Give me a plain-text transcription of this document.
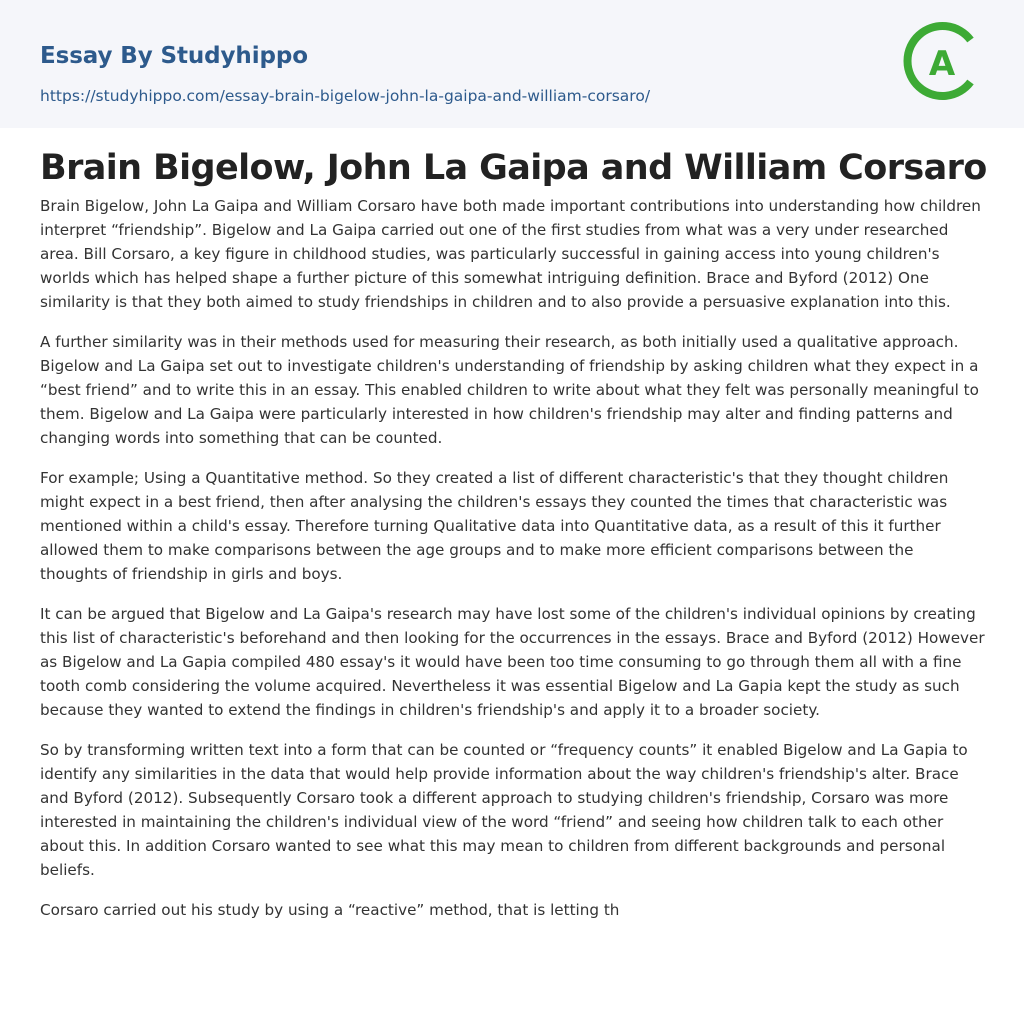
Essay By Studyhippo
https://studyhippo.com/essay-brain-bigelow-john-la-gaipa-and-william-corsaro/
A
Brain Bigelow, John La Gaipa and William Corsaro

Brain Bigelow, John La Gaipa and William Corsaro have both made important contributions into understanding how children interpret “friendship”. Bigelow and La Gaipa carried out one of the first studies from what was a very under researched area. Bill Corsaro, a key figure in childhood studies, was particularly successful in gaining access into young children's worlds which has helped shape a further picture of this somewhat intriguing definition. Brace and Byford (2012) One similarity is that they both aimed to study friendships in children and to also provide a persuasive explanation into this.

A further similarity was in their methods used for measuring their research, as both initially used a qualitative approach. Bigelow and La Gaipa set out to investigate children's understanding of friendship by asking children what they expect in a “best friend” and to write this in an essay. This enabled children to write about what they felt was personally meaningful to them. Bigelow and La Gaipa were particularly interested in how children's friendship may alter and finding patterns and changing words into something that can be counted.

For example; Using a Quantitative method. So they created a list of different characteristic's that they thought children might expect in a best friend, then after analysing the children's essays they counted the times that characteristic was mentioned within a child's essay. Therefore turning Qualitative data into Quantitative data, as a result of this it further allowed them to make comparisons between the age groups and to make more efficient comparisons between the thoughts of friendship in girls and boys.

It can be argued that Bigelow and La Gaipa's research may have lost some of the children's individual opinions by creating this list of characteristic's beforehand and then looking for the occurrences in the essays. Brace and Byford (2012) However as Bigelow and La Gapia compiled 480 essay's it would have been too time consuming to go through them all with a fine tooth comb considering the volume acquired. Nevertheless it was essential Bigelow and La Gapia kept the study as such because they wanted to extend the findings in children's friendship's and apply it to a broader society.

So by transforming written text into a form that can be counted or “frequency counts” it enabled Bigelow and La Gapia to identify any similarities in the data that would help provide information about the way children's friendship's alter. Brace and Byford (2012). Subsequently Corsaro took a different approach to studying children's friendship, Corsaro was more interested in maintaining the children's individual view of the word “friend” and seeing how children talk to each other about this. In addition Corsaro wanted to see what this may mean to children from different backgrounds and personal beliefs.

Corsaro carried out his study by using a “reactive” method, that is letting th
